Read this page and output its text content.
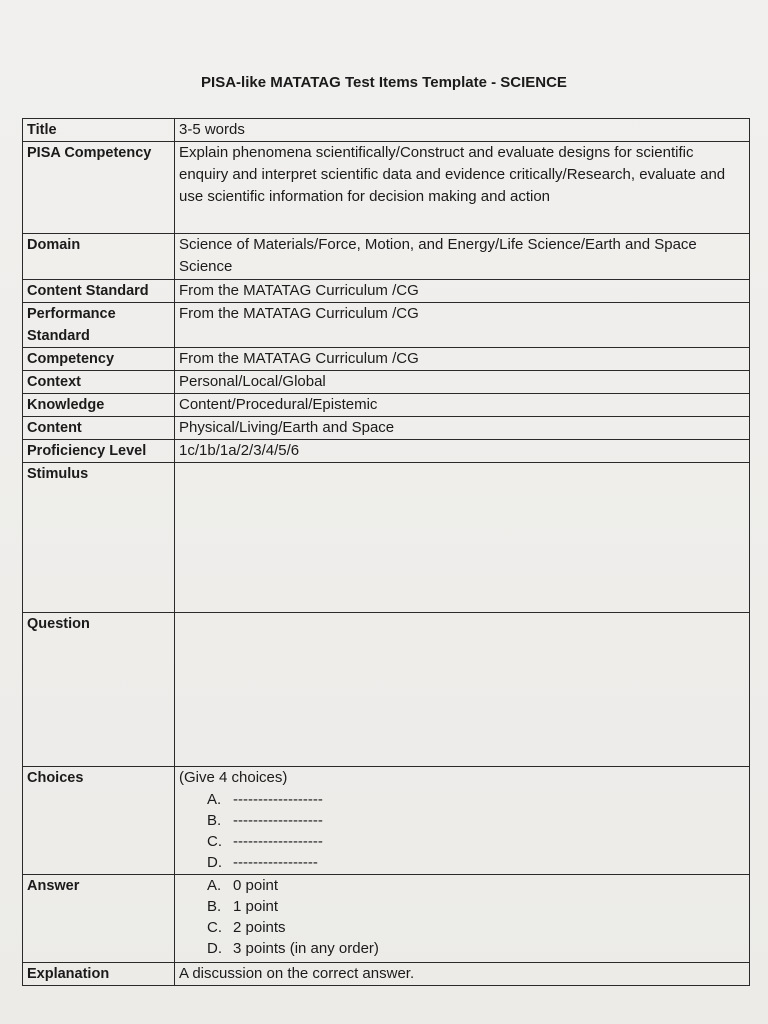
PISA-like MATATAG Test Items Template - SCIENCE
Title	3-5 words
PISA Competency	Explain phenomena scientifically/Construct and evaluate designs for scientific enquiry and interpret scientific data and evidence critically/Research, evaluate and use scientific information for decision making and action
Domain	Science of Materials/Force, Motion, and Energy/Life Science/Earth and Space Science
Content Standard	From the MATATAG Curriculum /CG
Performance Standard	From the MATATAG Curriculum /CG
Competency	From the MATATAG Curriculum /CG
Context	Personal/Local/Global
Knowledge	Content/Procedural/Epistemic
Content	Physical/Living/Earth and Space
Proficiency Level	1c/1b/1a/2/3/4/5/6
Stimulus	
Question	
Choices	(Give 4 choices)
A. ------------------
B. ------------------
C. ------------------
D. -----------------

Answer	A. 0 point
B. 1 point
C. 2 points
D. 3 points (in any order)

Explanation	A discussion on the correct answer.
